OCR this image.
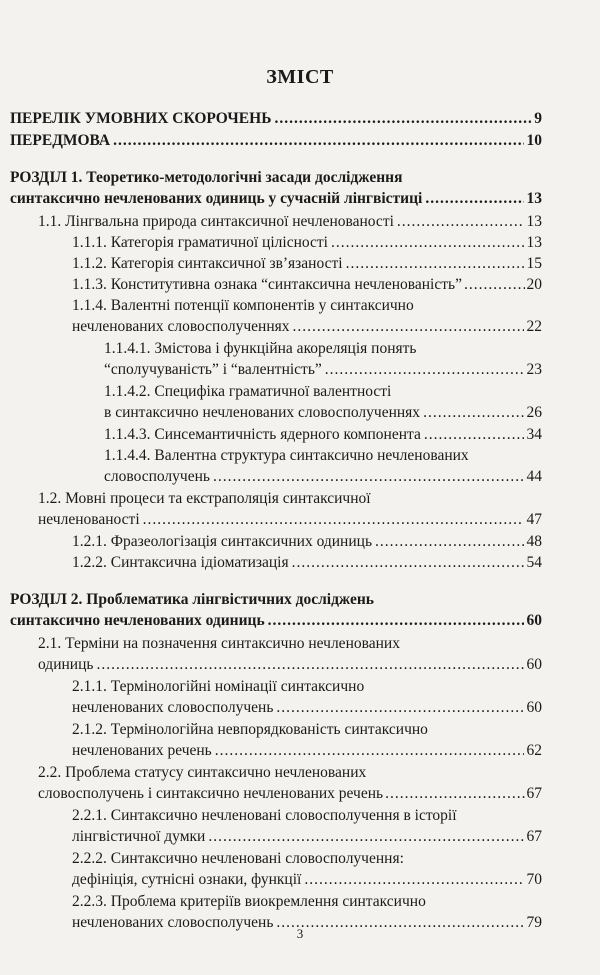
ЗМІСТ
ПЕРЕЛІК УМОВНИХ СКОРОЧЕНЬ .....	9
ПЕРЕДМОВА .....	10
РОЗДІЛ 1. Теоретико-методологічні засади дослідження
синтаксично нечленованих одиниць у сучасній лінгвістиці .....	13
1.1. Лінгвальна природа синтаксичної нечленованості .....	13
1.1.1. Категорія граматичної цілісності .....	13
1.1.2. Категорія синтаксичної зв’язаності .....	15
1.1.3. Конститутивна ознака “синтаксична нечленованість” .....	20
1.1.4. Валентні потенції компонентів у синтаксично
нечленованих словосполученнях .....	22
1.1.4.1. Змістова і функційна акореляція понять
“сполучуваність” і “валентність” .....	23
1.1.4.2. Специфіка граматичної валентності
в синтаксично нечленованих словосполученнях .....	26
1.1.4.3. Синсемантичність ядерного компонента .....	34
1.1.4.4. Валентна структура синтаксично нечленованих
словосполучень .....	44
1.2. Мовні процеси та екстраполяція синтаксичної
нечленованості .....	47
1.2.1. Фразеологізація синтаксичних одиниць .....	48
1.2.2. Синтаксична ідіоматизація .....	54
РОЗДІЛ 2. Проблематика лінгвістичних досліджень
синтаксично нечленованих одиниць .....	60
2.1. Терміни на позначення синтаксично нечленованих
одиниць .....	60
2.1.1. Термінологійні номінації синтаксично
нечленованих словосполучень .....	60
2.1.2. Термінологійна невпорядкованість синтаксично
нечленованих речень .....	62
2.2. Проблема статусу синтаксично нечленованих
словосполучень і синтаксично нечленованих речень .....	67
2.2.1. Синтаксично нечленовані словосполучення в історії
лінгвістичної думки .....	67
2.2.2. Синтаксично нечленовані словосполучення:
дефініція, сутнісні ознаки, функції .....	70
2.2.3. Проблема критеріїв виокремлення синтаксично
нечленованих словосполучень .....	79
3
